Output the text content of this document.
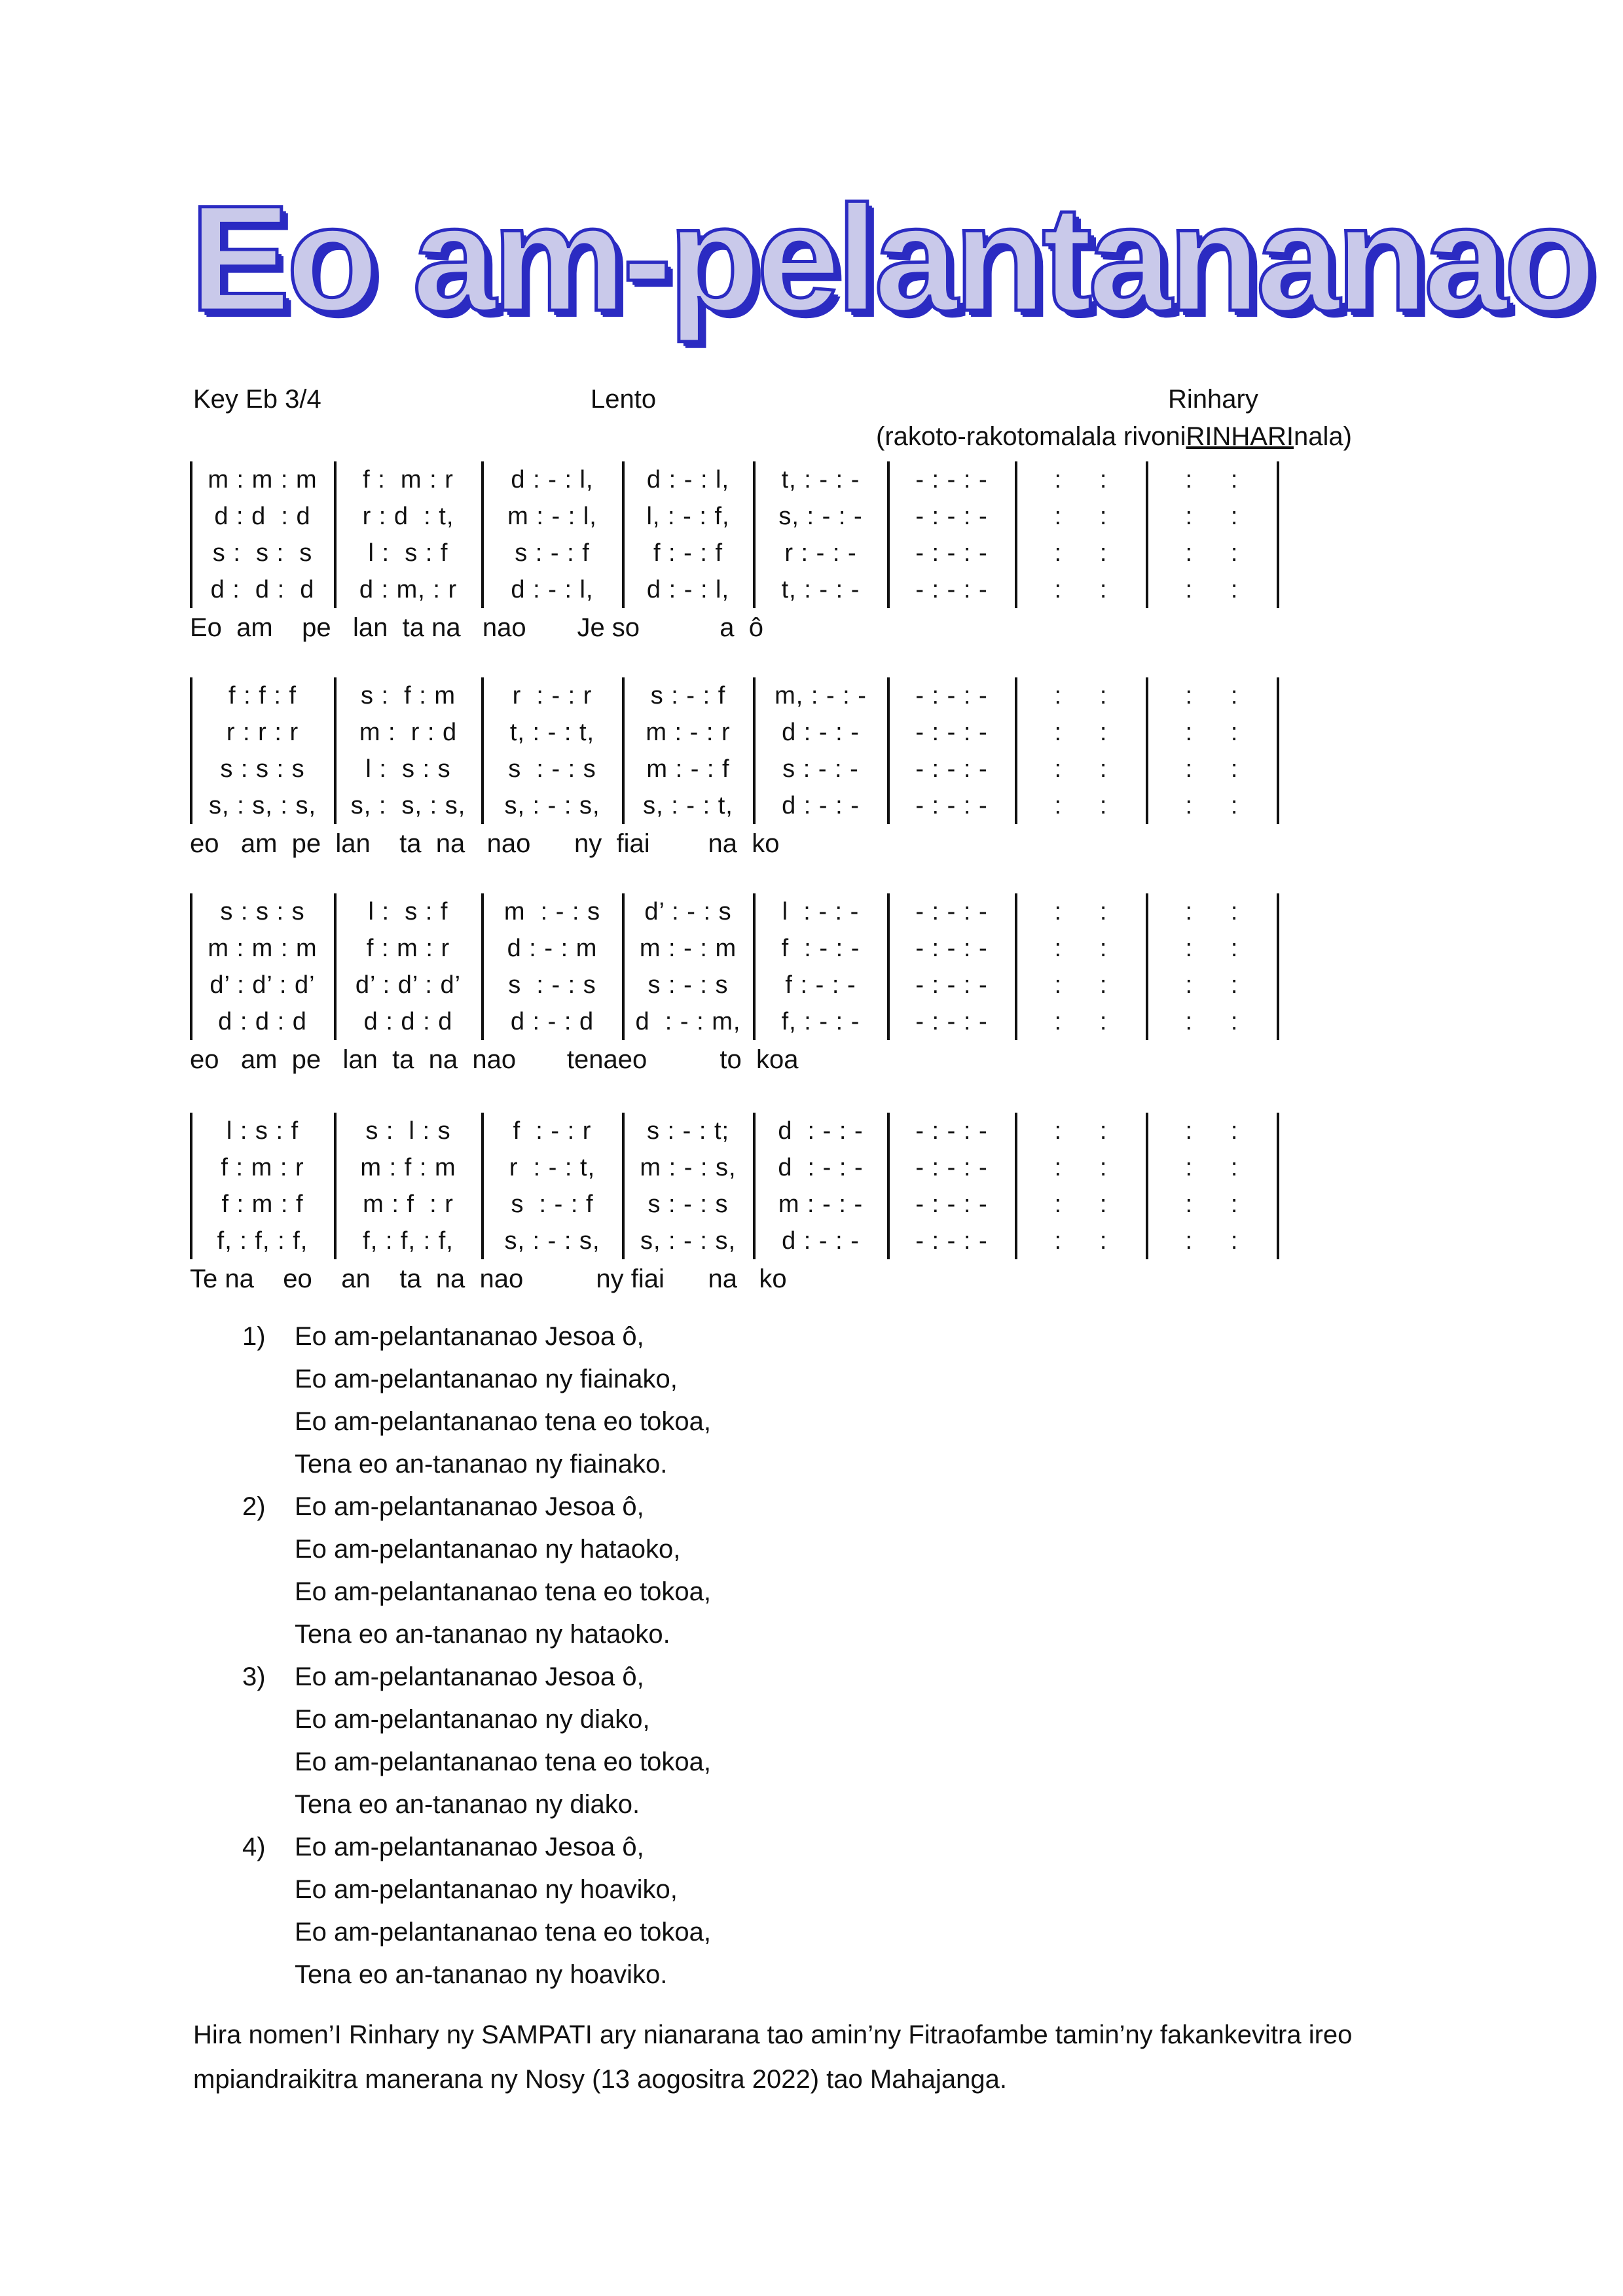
Eo am-pelantananao
Key Eb 3/4	Lento	Rinhary
(rakoto-rakotomalala rivoniRINHARInala)
m : m : m	f :  m : r	d : - : l,	d : - : l,	t, : - : -	- : - : -	:     :	:     :
d : d  : d	r : d  : t,	m : - : l,	l, : - : f,	s, : - : -	- : - : -	:     :	:     :
s :  s :  s	l :  s : f	s : - : f	f : - : f	r : - : -	- : - : -	:     :	:     :
d :  d :  d	d : m, : r	d : - : l,	d : - : l,	t, : - : -	- : - : -	:     :	:     :
Eo  am    pe   lan  ta na   nao       Je so           a  ô
f : f : f	s :  f : m	r  : - : r	s : - : f	m, : - : -	- : - : -	:     :	:     :
r : r : r	m :  r : d	t, : - : t,	m : - : r	d : - : -	- : - : -	:     :	:     :
s : s : s	l :  s : s	s  : - : s	m : - : f	s : - : -	- : - : -	:     :	:     :
s, : s, : s,	s, :  s, : s,	s, : - : s,	s, : - : t,	d : - : -	- : - : -	:     :	:     :
eo   am  pe  lan    ta  na   nao      ny  fiai        na  ko
s : s : s	l :  s : f	m  : - : s	d’ : - : s	l  : - : -	- : - : -	:     :	:     :
m : m : m	f : m : r	d : - : m	m : - : m	f  : - : -	- : - : -	:     :	:     :
d’ : d’ : d’	d’ : d’ : d’	s  : - : s	s : - : s	f : - : -	- : - : -	:     :	:     :
d : d : d	d : d : d	d : - : d	d  : - : m,	f, : - : -	- : - : -	:     :	:     :
eo   am  pe   lan  ta  na  nao       tenaeo          to  koa
l : s : f	s :  l : s	f  : - : r	s : - : t;	d  : - : -	- : - : -	:     :	:     :
f : m : r	m : f : m	r  : - : t,	m : - : s,	d  : - : -	- : - : -	:     :	:     :
f : m : f	m : f  : r	s  : - : f	s : - : s	m : - : -	- : - : -	:     :	:     :
f, : f, : f,	f, : f, : f,	s, : - : s,	s, : - : s,	d : - : -	- : - : -	:     :	:     :
Te na    eo    an    ta  na  nao          ny fiai      na   ko
1) Eo am-pelantananao Jesoa ô,
Eo am-pelantananao ny fiainako,
Eo am-pelantananao tena eo tokoa,
Tena eo an-tananao ny fiainako.
2) Eo am-pelantananao Jesoa ô,
Eo am-pelantananao ny hataoko,
Eo am-pelantananao tena eo tokoa,
Tena eo an-tananao ny hataoko.
3) Eo am-pelantananao Jesoa ô,
Eo am-pelantananao ny diako,
Eo am-pelantananao tena eo tokoa,
Tena eo an-tananao ny diako.
4) Eo am-pelantananao Jesoa ô,
Eo am-pelantananao ny hoaviko,
Eo am-pelantananao tena eo tokoa,
Tena eo an-tananao ny hoaviko.
Hira nomen’I Rinhary ny SAMPATI ary nianarana tao amin’ny Fitraofambe tamin’ny fakankevitra ireo mpiandraikitra manerana ny Nosy (13 aogositra 2022) tao Mahajanga.
